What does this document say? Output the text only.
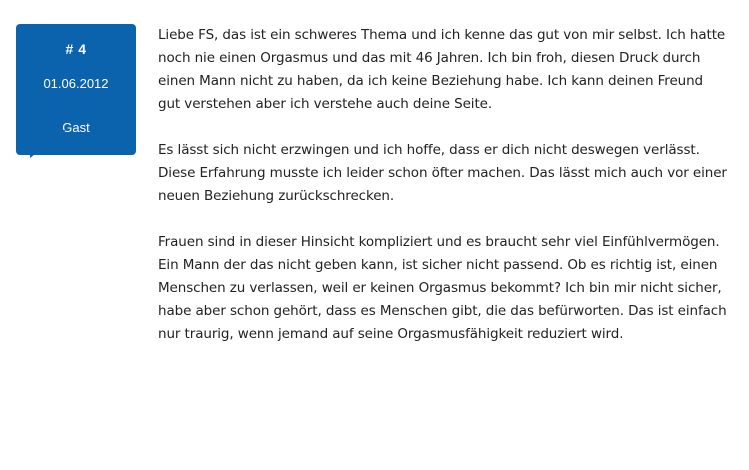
# 4
01.06.2012
Gast

Liebe FS, das ist ein schweres Thema und ich kenne das gut von mir selbst. Ich hatte noch nie einen Orgasmus und das mit 46 Jahren. Ich bin froh, diesen Druck durch einen Mann nicht zu haben, da ich keine Beziehung habe. Ich kann deinen Freund gut verstehen aber ich verstehe auch deine Seite.

Es lässt sich nicht erzwingen und ich hoffe, dass er dich nicht deswegen verlässt. Diese Erfahrung musste ich leider schon öfter machen. Das lässt mich auch vor einer neuen Beziehung zurückschrecken.

Frauen sind in dieser Hinsicht kompliziert und es braucht sehr viel Einfühlvermögen. Ein Mann der das nicht geben kann, ist sicher nicht passend. Ob es richtig ist, einen Menschen zu verlassen, weil er keinen Orgasmus bekommt? Ich bin mir nicht sicher, habe aber schon gehört, dass es Menschen gibt, die das befürworten. Das ist einfach nur traurig, wenn jemand auf seine Orgasmusfähigkeit reduziert wird.
